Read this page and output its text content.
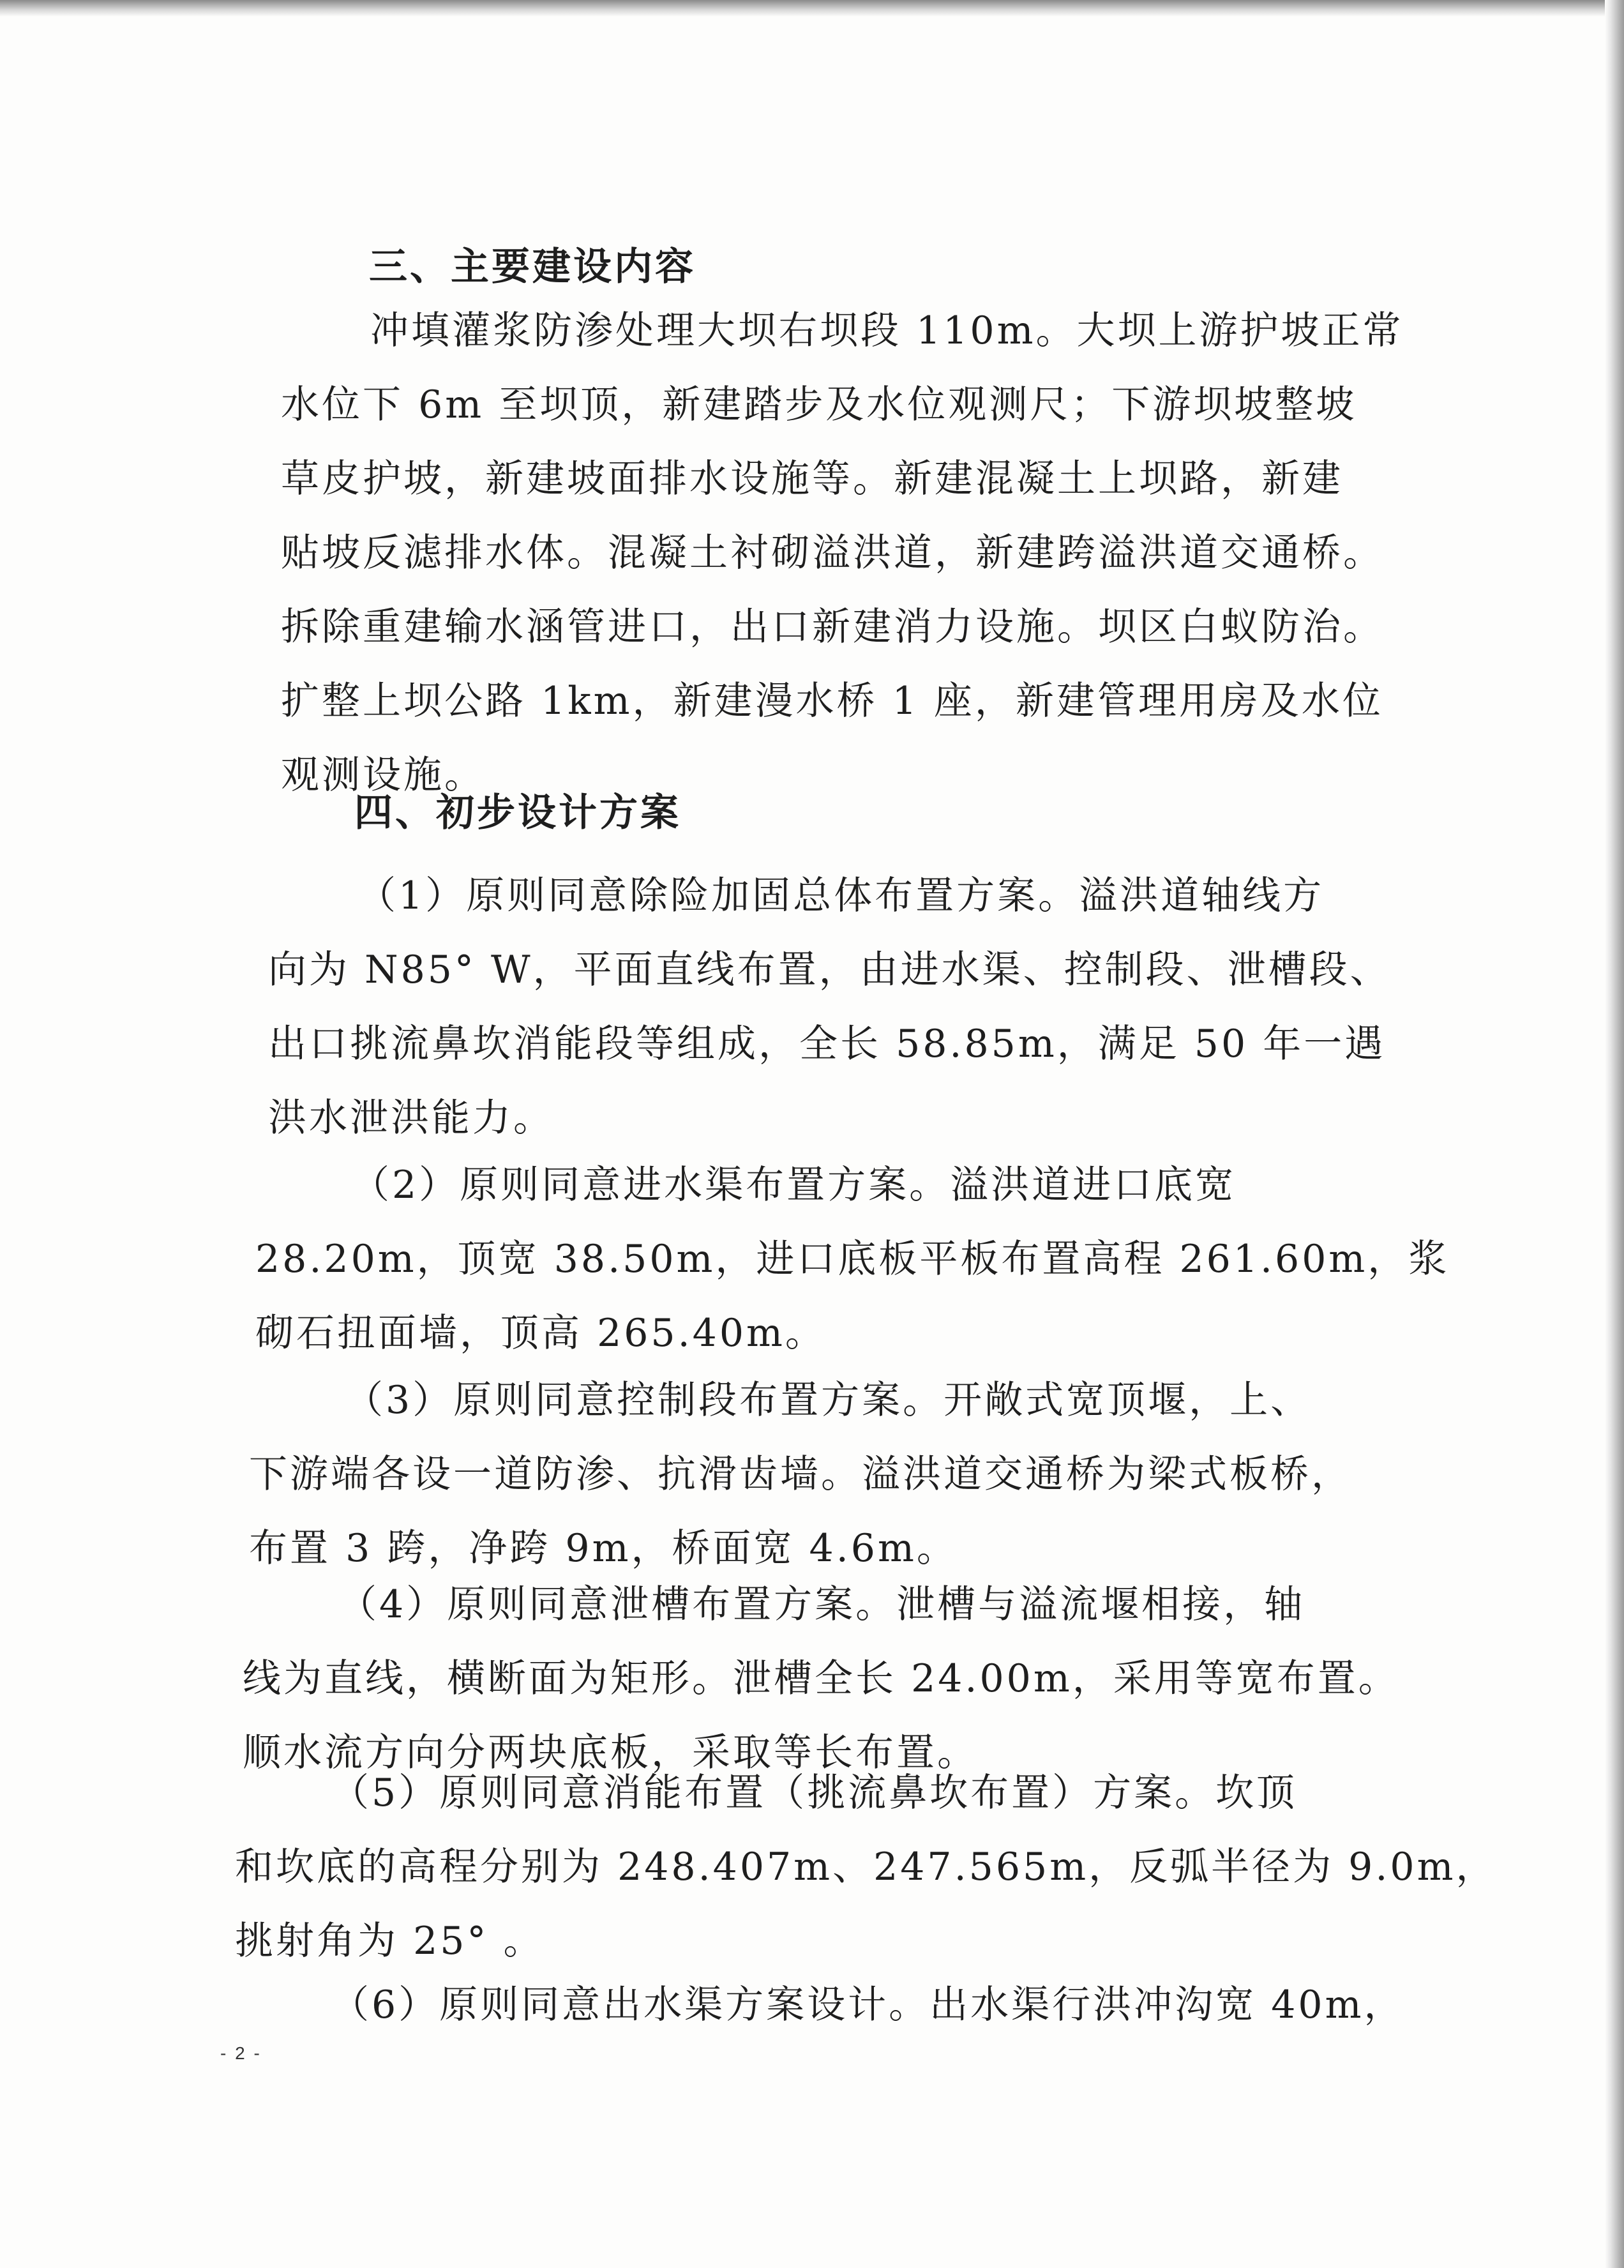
三、主要建设内容

冲填灌浆防渗处理大坝右坝段 110m。大坝上游护坡正常
水位下 6m 至坝顶，新建踏步及水位观测尺；下游坝坡整坡
草皮护坡，新建坡面排水设施等。新建混凝土上坝路，新建
贴坡反滤排水体。混凝土衬砌溢洪道，新建跨溢洪道交通桥。
拆除重建输水涵管进口，出口新建消力设施。坝区白蚁防治。
扩整上坝公路 1km，新建漫水桥 1 座，新建管理用房及水位
观测设施。

四、初步设计方案

（1）原则同意除险加固总体布置方案。溢洪道轴线方
向为 N85° W，平面直线布置，由进水渠、控制段、泄槽段、
出口挑流鼻坎消能段等组成，全长 58.85m，满足 50 年一遇
洪水泄洪能力。

（2）原则同意进水渠布置方案。溢洪道进口底宽
28.20m，顶宽 38.50m，进口底板平板布置高程 261.60m，浆
砌石扭面墙，顶高 265.40m。

（3）原则同意控制段布置方案。开敞式宽顶堰，上、
下游端各设一道防渗、抗滑齿墙。溢洪道交通桥为梁式板桥，
布置 3 跨，净跨 9m，桥面宽 4.6m。

（4）原则同意泄槽布置方案。泄槽与溢流堰相接，轴
线为直线，横断面为矩形。泄槽全长 24.00m，采用等宽布置。
顺水流方向分两块底板，采取等长布置。

（5）原则同意消能布置（挑流鼻坎布置）方案。坎顶
和坎底的高程分别为 248.407m、247.565m，反弧半径为 9.0m，
挑射角为 25° 。

（6）原则同意出水渠方案设计。出水渠行洪冲沟宽 40m，

- 2 -
